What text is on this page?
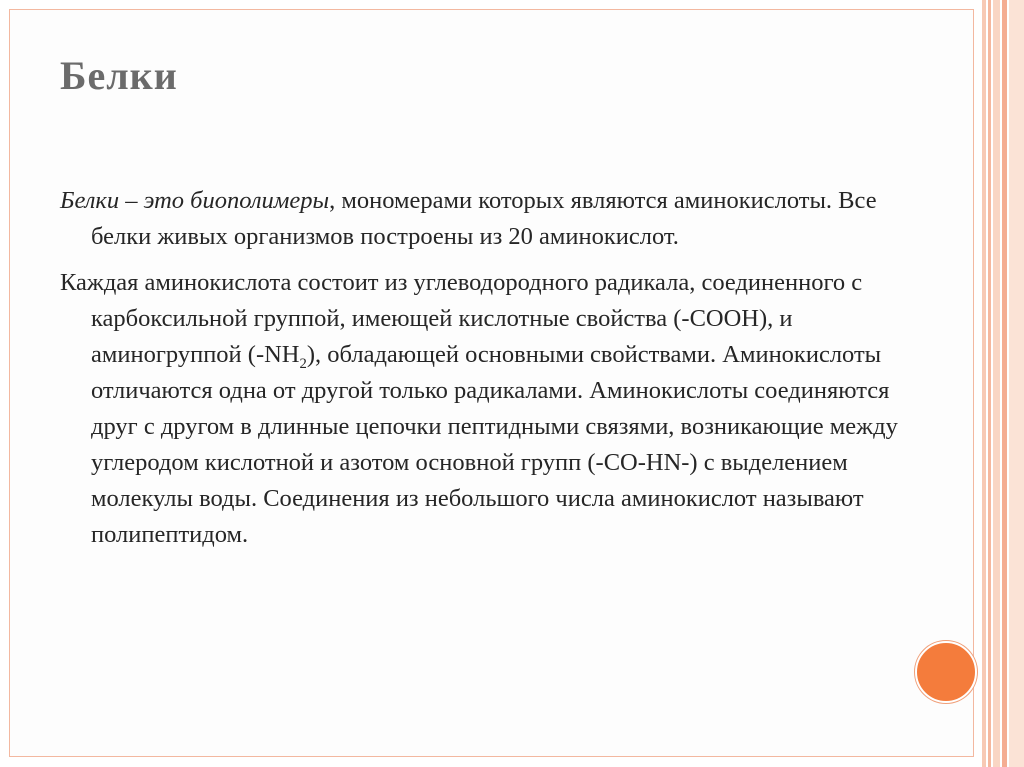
Белки

Белки – это биополимеры, мономерами которых являются аминокислоты. Все белки живых организмов построены из 20 аминокислот.

Каждая аминокислота состоит из углеводородного радикала, соединенного с карбоксильной группой, имеющей кислотные свойства (-COOH), и аминогруппой $(-NH_2)$, обладающей основными свойствами. Аминокислоты отличаются одна от другой только радикалами. Аминокислоты соединяются друг с другом в длинные цепочки пептидными связями, возникающие между углеродом кислотной и азотом основной групп (-CO-HN-) с выделением молекулы воды. Соединения из небольшого числа аминокислот называют полипептидом.
